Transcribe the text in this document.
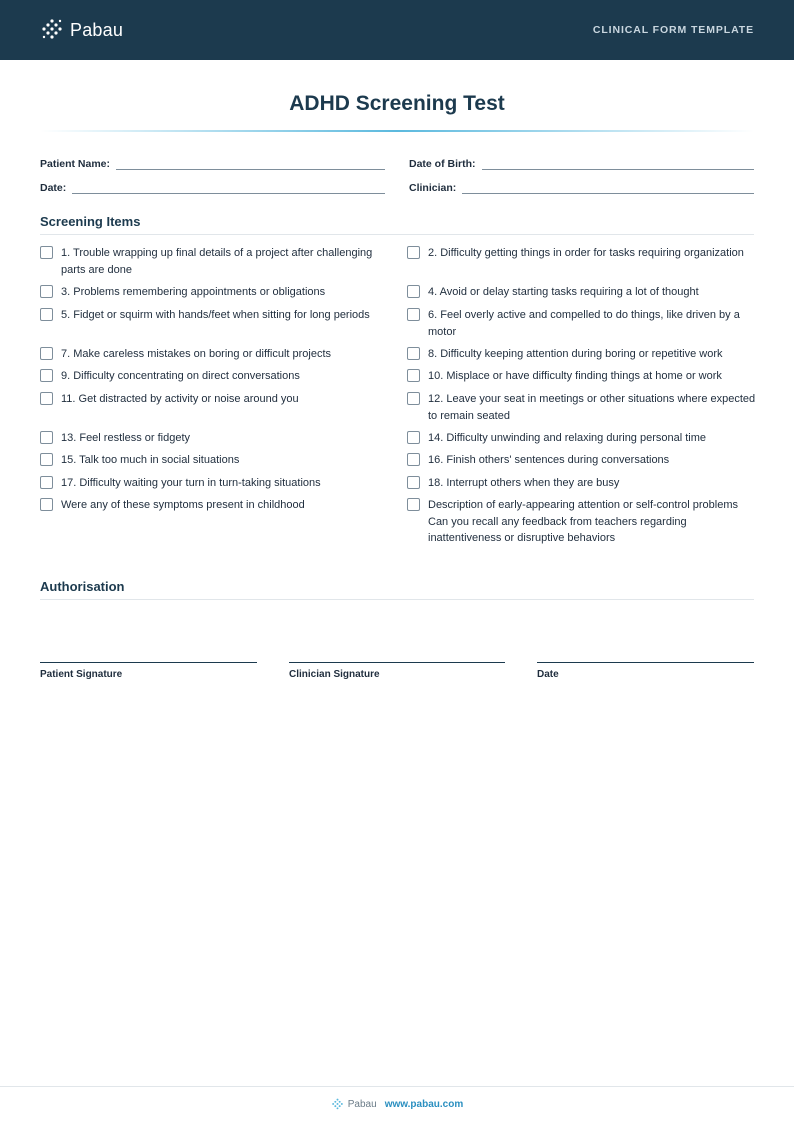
Pabau	CLINICAL FORM TEMPLATE
ADHD Screening Test
Patient Name:	Date of Birth:
Date:	Clinician:
Screening Items
1. Trouble wrapping up final details of a project after challenging parts are done
2. Difficulty getting things in order for tasks requiring organization
3. Problems remembering appointments or obligations	4. Avoid or delay starting tasks requiring a lot of thought
5. Fidget or squirm with hands/feet when sitting for long periods	6. Feel overly active and compelled to do things, like driven by a motor
7. Make careless mistakes on boring or difficult projects	8. Difficulty keeping attention during boring or repetitive work
9. Difficulty concentrating on direct conversations	10. Misplace or have difficulty finding things at home or work
11. Get distracted by activity or noise around you	12. Leave your seat in meetings or other situations where expected to remain seated
13. Feel restless or fidgety	14. Difficulty unwinding and relaxing during personal time
15. Talk too much in social situations	16. Finish others' sentences during conversations
17. Difficulty waiting your turn in turn-taking situations	18. Interrupt others when they are busy
Were any of these symptoms present in childhood	Description of early-appearing attention or self-control problems Can you recall any feedback from teachers regarding inattentiveness or disruptive behaviors
Authorisation
Patient Signature	Clinician Signature	Date
Pabau www.pabau.com
